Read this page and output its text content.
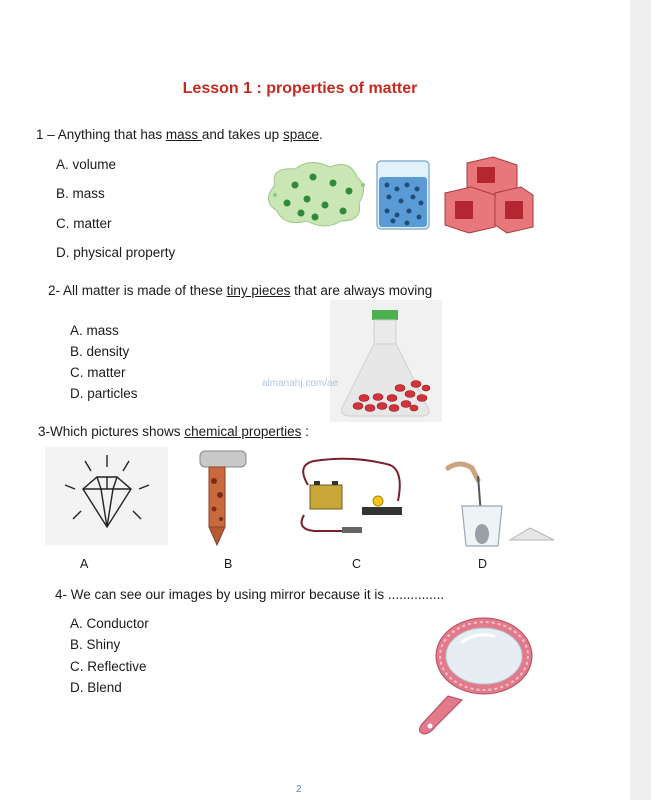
Lesson 1 : properties of matter
1 – Anything that has mass and takes up space.
A. volume
B. mass
C. matter
D. physical property
2- All matter is made of these tiny pieces that are always moving
A. mass
B. density
C. matter
D. particles
almanahj.com/ae
3-Which pictures shows chemical properties :
A	B	C	D
4- We can see our images by using mirror because it is ...............
A. Conductor
B. Shiny
C. Reflective
D. Blend
2
